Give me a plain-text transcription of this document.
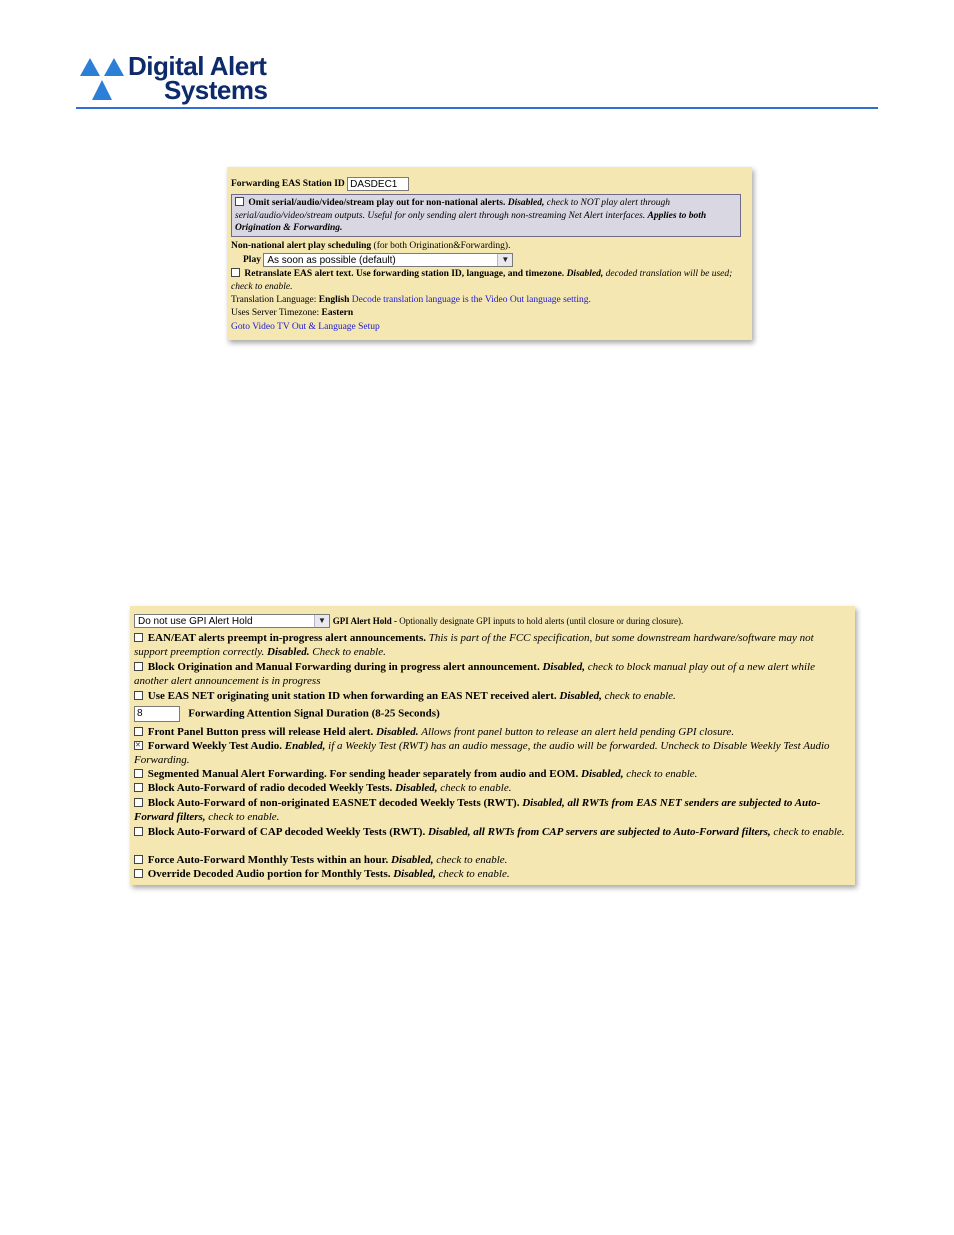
Digital Alert
Systems
Forwarding EAS Station ID DASDEC1
Omit serial/audio/video/stream play out for non-national alerts. Disabled, check to NOT play alert through serial/audio/video/stream outputs. Useful for only sending alert through non-streaming Net Alert interfaces. Applies to both Origination & Forwarding.
Non-national alert play scheduling (for both Origination&Forwarding).
Play As soon as possible (default)	▼
Retranslate EAS alert text. Use forwarding station ID, language, and timezone. Disabled, decoded translation will be used; check to enable.
Translation Language: English Decode translation language is the Video Out language setting.
Uses Server Timezone: Eastern
Goto Video TV Out & Language Setup
Do not use GPI Alert Hold	▼ GPI Alert Hold - Optionally designate GPI inputs to hold alerts (until closure or during closure).
EAN/EAT alerts preempt in-progress alert announcements. This is part of the FCC specification, but some downstream hardware/software may not support preemption correctly. Disabled. Check to enable.
Block Origination and Manual Forwarding during in progress alert announcement. Disabled, check to block manual play out of a new alert while another alert announcement is in progress
Use EAS NET originating unit station ID when forwarding an EAS NET received alert. Disabled, check to enable.
8	Forwarding Attention Signal Duration (8-25 Seconds)
Front Panel Button press will release Held alert. Disabled. Allows front panel button to release an alert held pending GPI closure.
✕ Forward Weekly Test Audio. Enabled, if a Weekly Test (RWT) has an audio message, the audio will be forwarded. Uncheck to Disable Weekly Test Audio Forwarding.
Segmented Manual Alert Forwarding. For sending header separately from audio and EOM. Disabled, check to enable.
Block Auto-Forward of radio decoded Weekly Tests. Disabled, check to enable.
Block Auto-Forward of non-originated EASNET decoded Weekly Tests (RWT). Disabled, all RWTs from EAS NET senders are subjected to Auto-Forward filters, check to enable.
Block Auto-Forward of CAP decoded Weekly Tests (RWT). Disabled, all RWTs from CAP servers are subjected to Auto-Forward filters, check to enable.
Force Auto-Forward Monthly Tests within an hour. Disabled, check to enable.
Override Decoded Audio portion for Monthly Tests. Disabled, check to enable.
